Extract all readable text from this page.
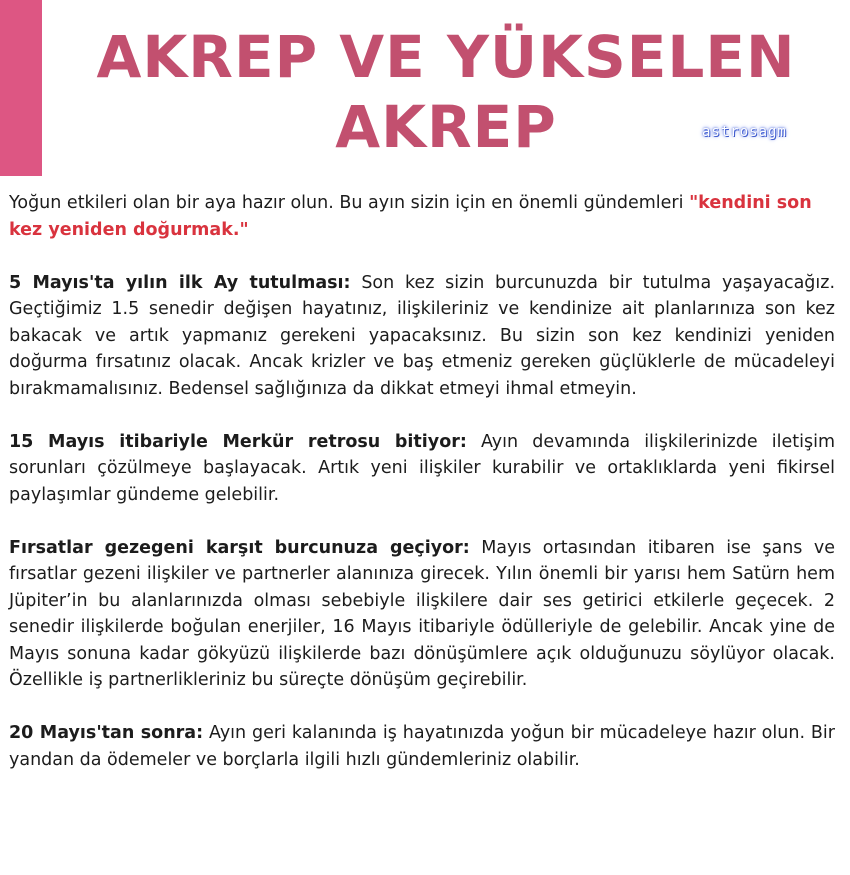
AKREP VE YÜKSELEN
AKREP	astrosagm

Yoğun etkileri olan bir aya hazır olun. Bu ayın sizin için en önemli gündemleri "kendini son kez yeniden doğurmak."

5 Mayıs'ta yılın ilk Ay tutulması: Son kez sizin burcunuzda bir tutulma yaşayacağız. Geçtiğimiz 1.5 senedir değişen hayatınız, ilişkileriniz ve kendinize ait planlarınıza son kez bakacak ve artık yapmanız gerekeni yapacaksınız. Bu sizin son kez kendinizi yeniden doğurma fırsatınız olacak. Ancak krizler ve baş etmeniz gereken güçlüklerle de mücadeleyi bırakmamalısınız. Bedensel sağlığınıza da dikkat etmeyi ihmal etmeyin.

15 Mayıs itibariyle Merkür retrosu bitiyor: Ayın devamında ilişkilerinizde iletişim sorunları çözülmeye başlayacak. Artık yeni ilişkiler kurabilir ve ortaklıklarda yeni fikirsel paylaşımlar gündeme gelebilir.

Fırsatlar gezegeni karşıt burcunuza geçiyor: Mayıs ortasından itibaren ise şans ve fırsatlar gezeni ilişkiler ve partnerler alanınıza girecek. Yılın önemli bir yarısı hem Satürn hem Jüpiter’in bu alanlarınızda olması sebebiyle ilişkilere dair ses getirici etkilerle geçecek. 2 senedir ilişkilerde boğulan enerjiler, 16 Mayıs itibariyle ödülleriyle de gelebilir. Ancak yine de Mayıs sonuna kadar gökyüzü ilişkilerde bazı dönüşümlere açık olduğunuzu söylüyor olacak. Özellikle iş partnerlikleriniz bu süreçte dönüşüm geçirebilir.

20 Mayıs'tan sonra: Ayın geri kalanında iş hayatınızda yoğun bir mücadeleye hazır olun. Bir yandan da ödemeler ve borçlarla ilgili hızlı gündemleriniz olabilir.
